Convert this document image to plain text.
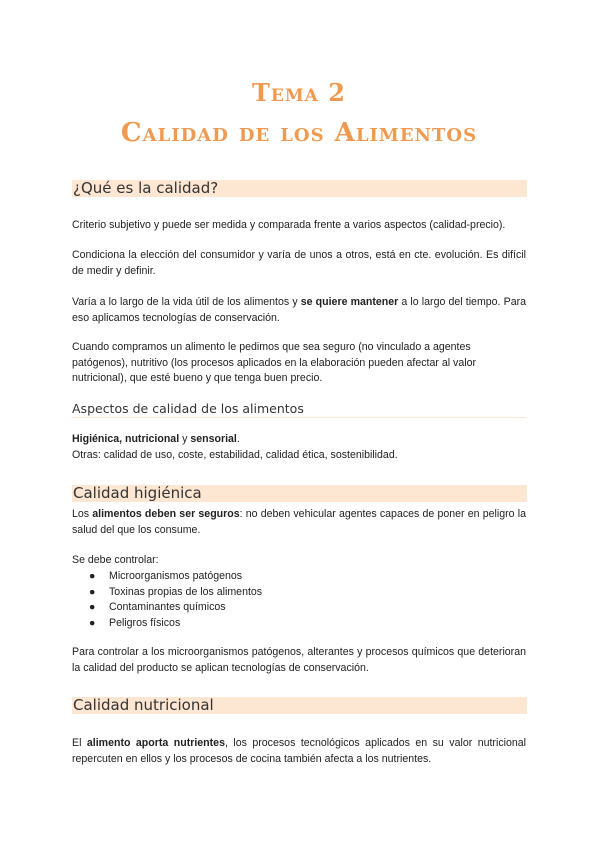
Tema 2
Calidad de los Alimentos
¿Qué es la calidad?

Criterio subjetivo y puede ser medida y comparada frente a varios aspectos (calidad-precio).

Condiciona la elección del consumidor y varía de unos a otros, está en cte. evolución. Es difícil de medir y definir.

Varía a lo largo de la vida útil de los alimentos y se quiere mantener a lo largo del tiempo. Para eso aplicamos tecnologías de conservación.

Cuando compramos un alimento le pedimos que sea seguro (no vinculado a agentes patógenos), nutritivo (los procesos aplicados en la elaboración pueden afectar al valor nutricional), que esté bueno y que tenga buen precio.

Aspectos de calidad de los alimentos

Higiénica, nutricional y sensorial.

Otras: calidad de uso, coste, estabilidad, calidad ética, sostenibilidad.

Calidad higiénica

Los alimentos deben ser seguros: no deben vehicular agentes capaces de poner en peligro la salud del que los consume.

Se debe controlar:

● Microorganismos patógenos
● Toxinas propias de los alimentos
● Contaminantes químicos
● Peligros físicos

Para controlar a los microorganismos patógenos, alterantes y procesos químicos que deterioran la calidad del producto se aplican tecnologías de conservación.

Calidad nutricional

El alimento aporta nutrientes, los procesos tecnológicos aplicados en su valor nutricional repercuten en ellos y los procesos de cocina también afecta a los nutrientes.
